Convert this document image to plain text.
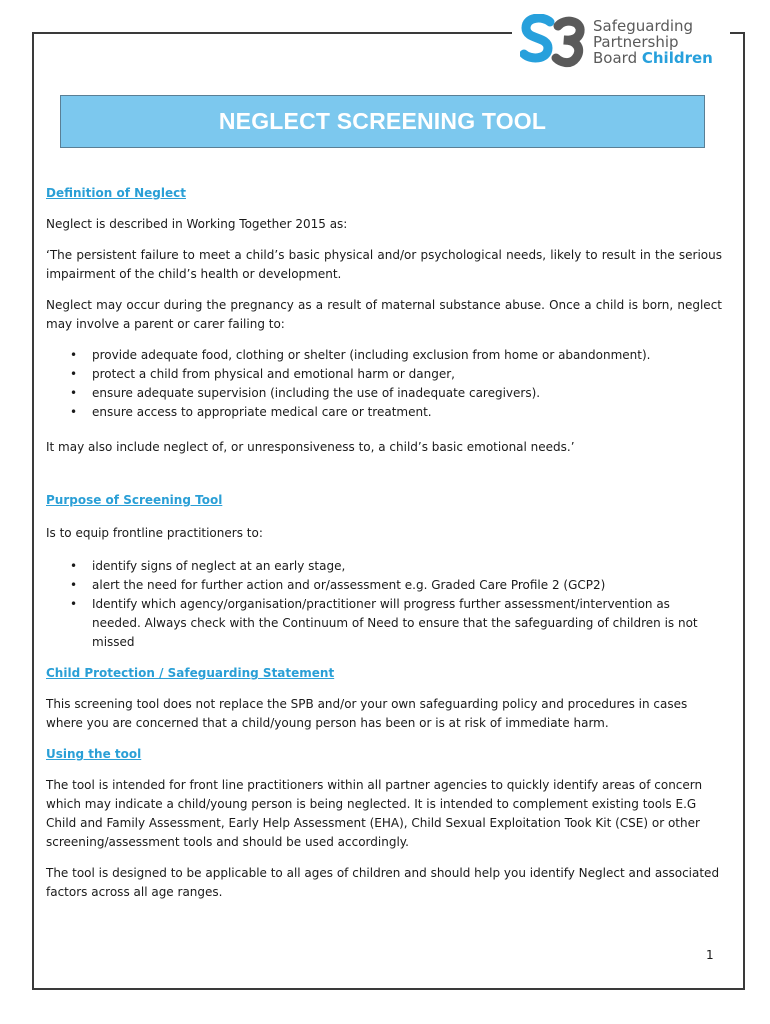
Safeguarding
Partnership
Board Children
NEGLECT SCREENING TOOL

Definition of Neglect

Neglect is described in Working Together 2015 as:

‘The persistent failure to meet a child’s basic physical and/or psychological needs, likely to result in the serious impairment of the child’s health or development.

Neglect may occur during the pregnancy as a result of maternal substance abuse. Once a child is born, neglect may involve a parent or carer failing to:

• provide adequate food, clothing or shelter (including exclusion from home or abandonment).
• protect a child from physical and emotional harm or danger,
• ensure adequate supervision (including the use of inadequate caregivers).
• ensure access to appropriate medical care or treatment.

It may also include neglect of, or unresponsiveness to, a child’s basic emotional needs.’

Purpose of Screening Tool

Is to equip frontline practitioners to:

• identify signs of neglect at an early stage,
• alert the need for further action and or/assessment e.g. Graded Care Profile 2 (GCP2)
• Identify which agency/organisation/practitioner will progress further assessment/intervention as needed. Always check with the Continuum of Need to ensure that the safeguarding of children is not missed

Child Protection / Safeguarding Statement

This screening tool does not replace the SPB and/or your own safeguarding policy and procedures in cases where you are concerned that a child/young person has been or is at risk of immediate harm.

Using the tool

The tool is intended for front line practitioners within all partner agencies to quickly identify areas of concern which may indicate a child/young person is being neglected. It is intended to complement existing tools E.G Child and Family Assessment, Early Help Assessment (EHA), Child Sexual Exploitation Took Kit (CSE) or other screening/assessment tools and should be used accordingly.

The tool is designed to be applicable to all ages of children and should help you identify Neglect and associated factors across all age ranges.

1
